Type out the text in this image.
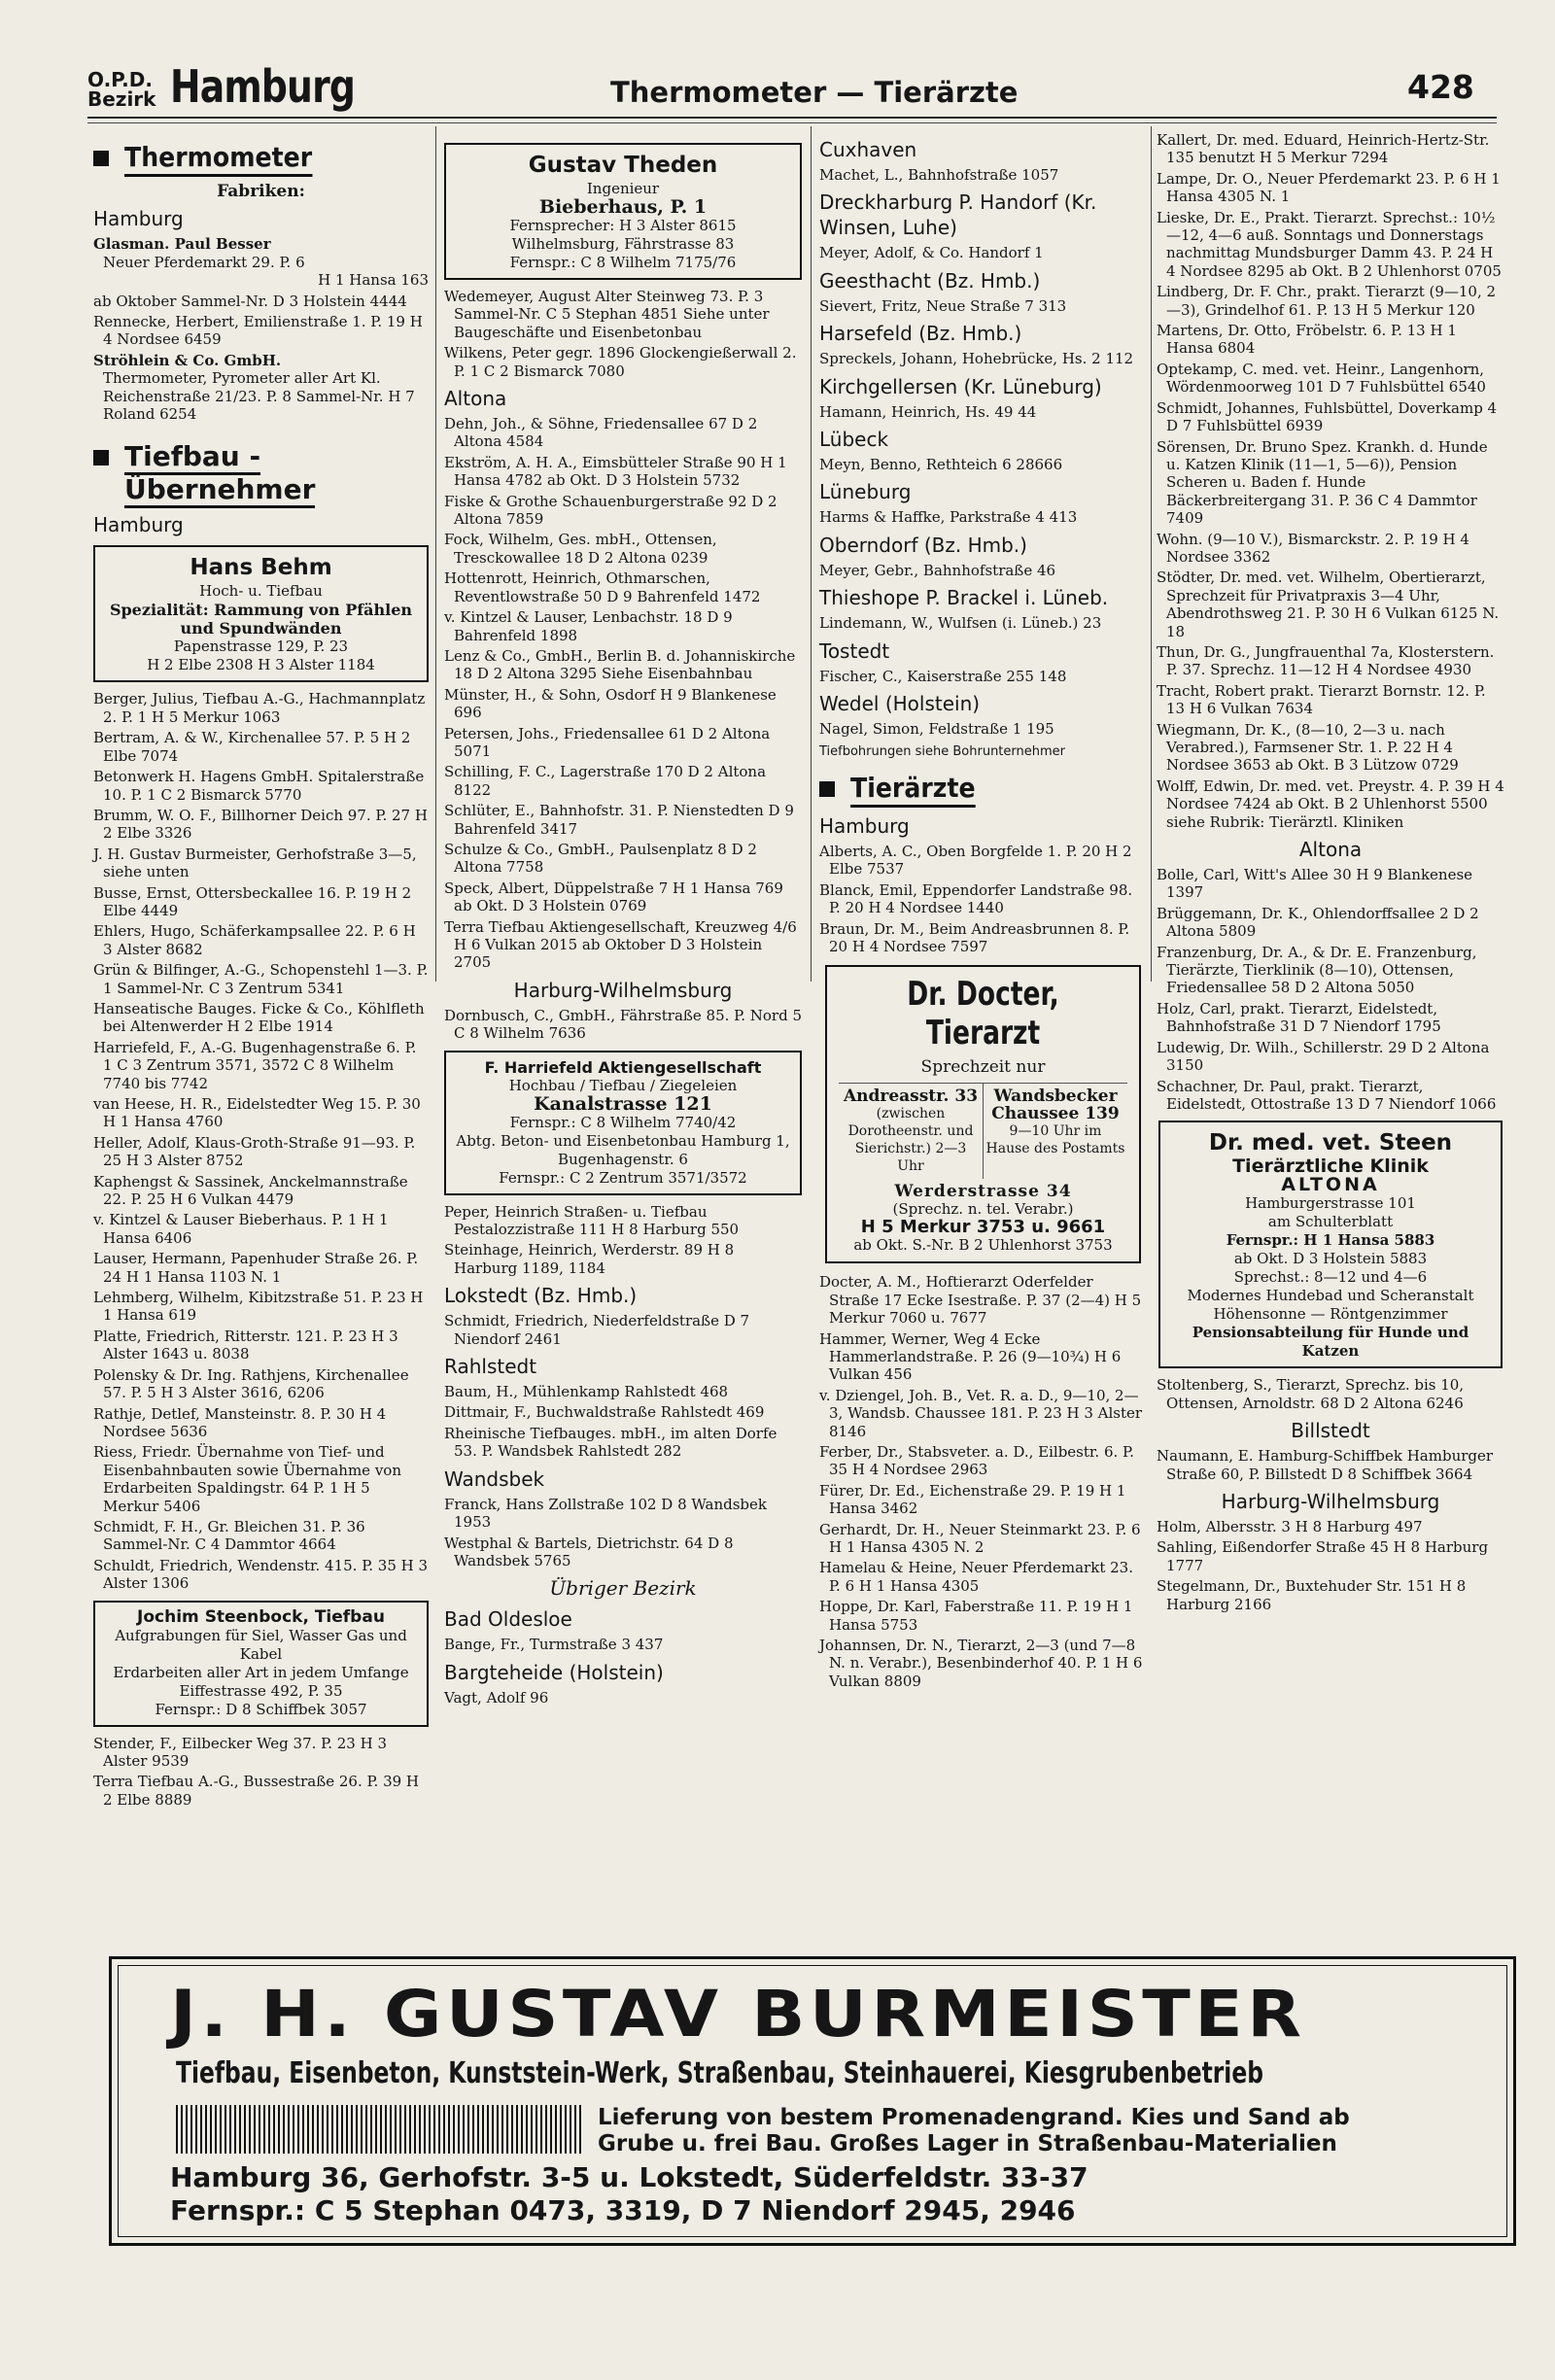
O.P.D.
Bezirk Hamburg	Thermometer — Tierärzte	428
Thermometer
Fabriken:
Hamburg
Glasman. Paul Besser
Neuer Pferdemarkt 29. P. 6
H 1 Hansa 163
ab Oktober Sammel-Nr. D 3 Holstein 4444
Rennecke, Herbert, Emilienstraße 1. P. 19 H 4 Nordsee 6459
Ströhlein & Co. GmbH.
Thermometer, Pyrometer aller Art Kl. Reichenstraße 21/23. P. 8 Sammel-Nr. H 7 Roland 6254
Tiefbau -
Übernehmer
Hamburg
Hans Behm
Hoch- u. Tiefbau
Spezialität: Rammung von Pfählen und Spundwänden
Papenstrasse 129, P. 23
H 2 Elbe 2308 H 3 Alster 1184
Berger, Julius, Tiefbau A.-G., Hachmannplatz 2. P. 1 H 5 Merkur 1063
Bertram, A. & W., Kirchenallee 57. P. 5 H 2 Elbe 7074
Betonwerk H. Hagens GmbH. Spitalerstraße 10. P. 1 C 2 Bismarck 5770
Brumm, W. O. F., Billhorner Deich 97. P. 27 H 2 Elbe 3326
J. H. Gustav Burmeister, Gerhofstraße 3—5, siehe unten
Busse, Ernst, Ottersbeckallee 16. P. 19 H 2 Elbe 4449
Ehlers, Hugo, Schäferkampsallee 22. P. 6 H 3 Alster 8682
Grün & Bilfinger, A.-G., Schopenstehl 1—3. P. 1 Sammel-Nr. C 3 Zentrum 5341
Hanseatische Bauges. Ficke & Co., Köhlfleth bei Altenwerder H 2 Elbe 1914
Harriefeld, F., A.-G. Bugenhagenstraße 6. P. 1 C 3 Zentrum 3571, 3572 C 8 Wilhelm 7740 bis 7742
van Heese, H. R., Eidelstedter Weg 15. P. 30 H 1 Hansa 4760
Heller, Adolf, Klaus-Groth-Straße 91—93. P. 25 H 3 Alster 8752
Kaphengst & Sassinek, Anckelmannstraße 22. P. 25 H 6 Vulkan 4479
v. Kintzel & Lauser Bieberhaus. P. 1 H 1 Hansa 6406
Lauser, Hermann, Papenhuder Straße 26. P. 24 H 1 Hansa 1103 N. 1
Lehmberg, Wilhelm, Kibitzstraße 51. P. 23 H 1 Hansa 619
Platte, Friedrich, Ritterstr. 121. P. 23 H 3 Alster 1643 u. 8038
Polensky & Dr. Ing. Rathjens, Kirchenallee 57. P. 5 H 3 Alster 3616, 6206
Rathje, Detlef, Mansteinstr. 8. P. 30 H 4 Nordsee 5636
Riess, Friedr. Übernahme von Tief- und Eisenbahnbauten sowie Übernahme von Erdarbeiten Spaldingstr. 64 P. 1 H 5 Merkur 5406
Schmidt, F. H., Gr. Bleichen 31. P. 36 Sammel-Nr. C 4 Dammtor 4664
Schuldt, Friedrich, Wendenstr. 415. P. 35 H 3 Alster 1306
Jochim Steenbock, Tiefbau
Aufgrabungen für Siel, Wasser Gas und Kabel
Erdarbeiten aller Art in jedem Umfange
Eiffestrasse 492, P. 35
Fernspr.: D 8 Schiffbek 3057
Stender, F., Eilbecker Weg 37. P. 23 H 3 Alster 9539
Terra Tiefbau A.-G., Bussestraße 26. P. 39 H 2 Elbe 8889
Gustav Theden
Ingenieur
Bieberhaus, P. 1
Fernsprecher: H 3 Alster 8615
Wilhelmsburg, Fährstrasse 83
Fernspr.: C 8 Wilhelm 7175/76
Wedemeyer, August Alter Steinweg 73. P. 3 Sammel-Nr. C 5 Stephan 4851 Siehe unter Baugeschäfte und Eisenbetonbau
Wilkens, Peter gegr. 1896 Glockengießerwall 2. P. 1 C 2 Bismarck 7080
Altona
Dehn, Joh., & Söhne, Friedensallee 67 D 2 Altona 4584
Ekström, A. H. A., Eimsbütteler Straße 90 H 1 Hansa 4782 ab Okt. D 3 Holstein 5732
Fiske & Grothe Schauenburgerstraße 92 D 2 Altona 7859
Fock, Wilhelm, Ges. mbH., Ottensen, Tresckowallee 18 D 2 Altona 0239
Hottenrott, Heinrich, Othmarschen, Reventlowstraße 50 D 9 Bahrenfeld 1472
v. Kintzel & Lauser, Lenbachstr. 18 D 9 Bahrenfeld 1898
Lenz & Co., GmbH., Berlin B. d. Johanniskirche 18 D 2 Altona 3295 Siehe Eisenbahnbau
Münster, H., & Sohn, Osdorf H 9 Blankenese 696
Petersen, Johs., Friedensallee 61 D 2 Altona 5071
Schilling, F. C., Lagerstraße 170 D 2 Altona 8122
Schlüter, E., Bahnhofstr. 31. P. Nienstedten D 9 Bahrenfeld 3417
Schulze & Co., GmbH., Paulsenplatz 8 D 2 Altona 7758
Speck, Albert, Düppelstraße 7 H 1 Hansa 769 ab Okt. D 3 Holstein 0769
Terra Tiefbau Aktiengesellschaft, Kreuzweg 4/6 H 6 Vulkan 2015 ab Oktober D 3 Holstein 2705
Harburg-Wilhelmsburg
Dornbusch, C., GmbH., Fährstraße 85. P. Nord 5 C 8 Wilhelm 7636
F. Harriefeld Aktiengesellschaft
Hochbau / Tiefbau / Ziegeleien
Kanalstrasse 121
Fernspr.: C 8 Wilhelm 7740/42
Abtg. Beton- und Eisenbetonbau Hamburg 1, Bugenhagenstr. 6
Fernspr.: C 2 Zentrum 3571/3572
Peper, Heinrich Straßen- u. Tiefbau Pestalozzistraße 111 H 8 Harburg 550
Steinhage, Heinrich, Werderstr. 89 H 8 Harburg 1189, 1184
Lokstedt (Bz. Hmb.)
Schmidt, Friedrich, Niederfeldstraße D 7 Niendorf 2461
Rahlstedt
Baum, H., Mühlenkamp Rahlstedt 468
Dittmair, F., Buchwaldstraße Rahlstedt 469
Rheinische Tiefbauges. mbH., im alten Dorfe 53. P. Wandsbek Rahlstedt 282
Wandsbek
Franck, Hans Zollstraße 102 D 8 Wandsbek 1953
Westphal & Bartels, Dietrichstr. 64 D 8 Wandsbek 5765
Übriger Bezirk
Bad Oldesloe
Bange, Fr., Turmstraße 3 437
Bargteheide (Holstein)
Vagt, Adolf 96
Cuxhaven
Machet, L., Bahnhofstraße 1057
Dreckharburg P. Handorf (Kr. Winsen, Luhe)
Meyer, Adolf, & Co. Handorf 1
Geesthacht (Bz. Hmb.)
Sievert, Fritz, Neue Straße 7 313
Harsefeld (Bz. Hmb.)
Spreckels, Johann, Hohebrücke, Hs. 2 112
Kirchgellersen (Kr. Lüneburg)
Hamann, Heinrich, Hs. 49 44
Lübeck
Meyn, Benno, Rethteich 6 28666
Lüneburg
Harms & Haffke, Parkstraße 4 413
Oberndorf (Bz. Hmb.)
Meyer, Gebr., Bahnhofstraße 46
Thieshope P. Brackel i. Lüneb.
Lindemann, W., Wulfsen (i. Lüneb.) 23
Tostedt
Fischer, C., Kaiserstraße 255 148
Wedel (Holstein)
Nagel, Simon, Feldstraße 1 195
Tiefbohrungen siehe Bohrunternehmer
Tierärzte
Hamburg
Alberts, A. C., Oben Borgfelde 1. P. 20 H 2 Elbe 7537
Blanck, Emil, Eppendorfer Landstraße 98. P. 20 H 4 Nordsee 1440
Braun, Dr. M., Beim Andreasbrunnen 8. P. 20 H 4 Nordsee 7597
Dr. Docter, Tierarzt
Sprechzeit nur
Andreasstr. 33
(zwischen Dorotheenstr. und Sierichstr.) 2—3 Uhr
Wandsbecker Chaussee 139
9—10 Uhr im Hause des Postamts
Werderstrasse 34
(Sprechz. n. tel. Verabr.)
H 5 Merkur 3753 u. 9661
ab Okt. S.-Nr. B 2 Uhlenhorst 3753
Docter, A. M., Hoftierarzt Oderfelder Straße 17 Ecke Isestraße. P. 37 (2—4) H 5 Merkur 7060 u. 7677
Hammer, Werner, Weg 4 Ecke Hammerlandstraße. P. 26 (9—10¾) H 6 Vulkan 456
v. Dziengel, Joh. B., Vet. R. a. D., 9—10, 2—3, Wandsb. Chaussee 181. P. 23 H 3 Alster 8146
Ferber, Dr., Stabsveter. a. D., Eilbestr. 6. P. 35 H 4 Nordsee 2963
Fürer, Dr. Ed., Eichenstraße 29. P. 19 H 1 Hansa 3462
Gerhardt, Dr. H., Neuer Steinmarkt 23. P. 6 H 1 Hansa 4305 N. 2
Hamelau & Heine, Neuer Pferdemarkt 23. P. 6 H 1 Hansa 4305
Hoppe, Dr. Karl, Faberstraße 11. P. 19 H 1 Hansa 5753
Johannsen, Dr. N., Tierarzt, 2—3 (und 7—8 N. n. Verabr.), Besenbinderhof 40. P. 1 H 6 Vulkan 8809
Kallert, Dr. med. Eduard, Heinrich-Hertz-Str. 135 benutzt H 5 Merkur 7294
Lampe, Dr. O., Neuer Pferdemarkt 23. P. 6 H 1 Hansa 4305 N. 1
Lieske, Dr. E., Prakt. Tierarzt. Sprechst.: 10½—12, 4—6 auß. Sonntags und Donnerstags nachmittag Mundsburger Damm 43. P. 24 H 4 Nordsee 8295 ab Okt. B 2 Uhlenhorst 0705
Lindberg, Dr. F. Chr., prakt. Tierarzt (9—10, 2—3), Grindelhof 61. P. 13 H 5 Merkur 120
Martens, Dr. Otto, Fröbelstr. 6. P. 13 H 1 Hansa 6804
Optekamp, C. med. vet. Heinr., Langenhorn, Wördenmoorweg 101 D 7 Fuhlsbüttel 6540
Schmidt, Johannes, Fuhlsbüttel, Doverkamp 4 D 7 Fuhlsbüttel 6939
Sörensen, Dr. Bruno Spez. Krankh. d. Hunde u. Katzen Klinik (11—1, 5—6)), Pension Scheren u. Baden f. Hunde Bäckerbreitergang 31. P. 36 C 4 Dammtor 7409
Wohn. (9—10 V.), Bismarckstr. 2. P. 19 H 4 Nordsee 3362
Stödter, Dr. med. vet. Wilhelm, Obertierarzt, Sprechzeit für Privatpraxis 3—4 Uhr, Abendrothsweg 21. P. 30 H 6 Vulkan 6125 N. 18
Thun, Dr. G., Jungfrauenthal 7a, Klosterstern. P. 37. Sprechz. 11—12 H 4 Nordsee 4930
Tracht, Robert prakt. Tierarzt Bornstr. 12. P. 13 H 6 Vulkan 7634
Wiegmann, Dr. K., (8—10, 2—3 u. nach Verabred.), Farmsener Str. 1. P. 22 H 4 Nordsee 3653 ab Okt. B 3 Lützow 0729
Wolff, Edwin, Dr. med. vet. Preystr. 4. P. 39 H 4 Nordsee 7424 ab Okt. B 2 Uhlenhorst 5500 siehe Rubrik: Tierärztl. Kliniken
Altona
Bolle, Carl, Witt's Allee 30 H 9 Blankenese 1397
Brüggemann, Dr. K., Ohlendorffsallee 2 D 2 Altona 5809
Franzenburg, Dr. A., & Dr. E. Franzenburg, Tierärzte, Tierklinik (8—10), Ottensen, Friedensallee 58 D 2 Altona 5050
Holz, Carl, prakt. Tierarzt, Eidelstedt, Bahnhofstraße 31 D 7 Niendorf 1795
Ludewig, Dr. Wilh., Schillerstr. 29 D 2 Altona 3150
Schachner, Dr. Paul, prakt. Tierarzt, Eidelstedt, Ottostraße 13 D 7 Niendorf 1066
Dr. med. vet. Steen
Tierärztliche Klinik
ALTONA
Hamburgerstrasse 101
am Schulterblatt
Fernspr.: H 1 Hansa 5883
ab Okt. D 3 Holstein 5883
Sprechst.: 8—12 und 4—6
Modernes Hundebad und Scheranstalt
Höhensonne — Röntgenzimmer
Pensionsabteilung für Hunde und Katzen
Stoltenberg, S., Tierarzt, Sprechz. bis 10, Ottensen, Arnoldstr. 68 D 2 Altona 6246
Billstedt
Naumann, E. Hamburg-Schiffbek Hamburger Straße 60, P. Billstedt D 8 Schiffbek 3664
Harburg-Wilhelmsburg
Holm, Albersstr. 3 H 8 Harburg 497
Sahling, Eißendorfer Straße 45 H 8 Harburg 1777
Stegelmann, Dr., Buxtehuder Str. 151 H 8 Harburg 2166
J. H. GUSTAV BURMEISTER
Tiefbau, Eisenbeton, Kunststein-Werk, Straßenbau, Steinhauerei, Kiesgrubenbetrieb
Lieferung von bestem Promenadengrand. Kies und Sand ab
Grube u. frei Bau. Großes Lager in Straßenbau-Materialien
Hamburg 36, Gerhofstr. 3-5 u. Lokstedt, Süderfeldstr. 33-37
Fernspr.: C 5 Stephan 0473, 3319, D 7 Niendorf 2945, 2946
